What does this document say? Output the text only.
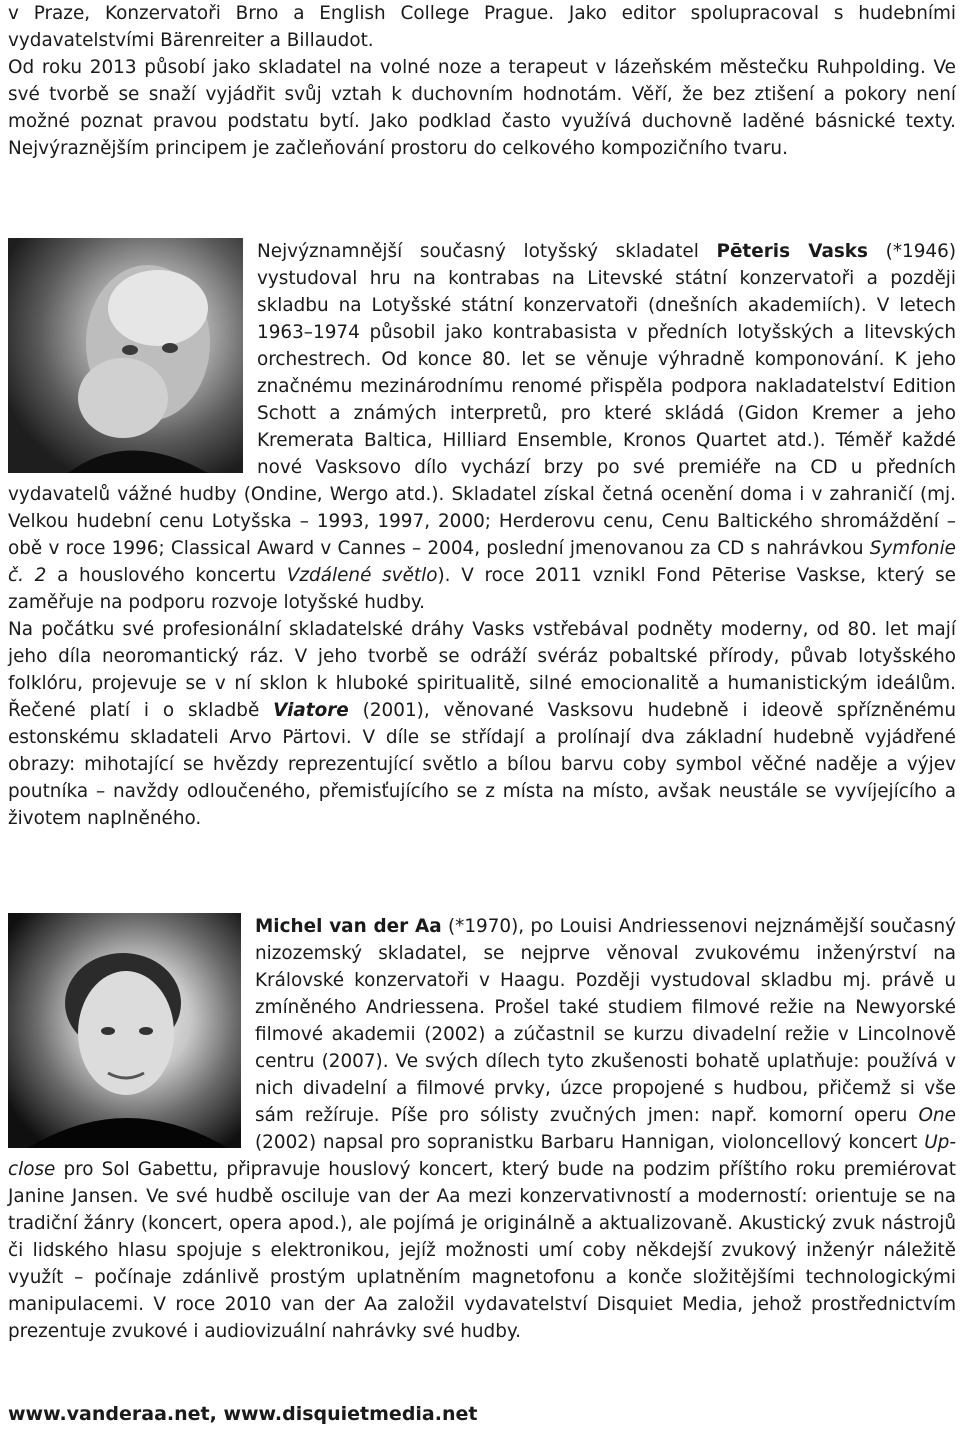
v Praze, Konzervatoři Brno a English College Prague. Jako editor spolupracoval s hudebními vydavatelstvími Bärenreiter a Billaudot.

Od roku 2013 působí jako skladatel na volné noze a terapeut v lázeňském městečku Ruhpolding. Ve své tvorbě se snaží vyjádřit svůj vztah k duchovním hodnotám. Věří, že bez ztišení a pokory není možné poznat pravou podstatu bytí. Jako podklad často využívá duchovně laděné básnické texty. Nejvýraznějším principem je začleňování prostoru do celkového kompozičního tvaru.

Nejvýznamnější současný lotyšský skladatel Pēteris Vasks (*1946) vystudoval hru na kontrabas na Litevské státní konzervatoři a později skladbu na Lotyšské státní konzervatoři (dnešních akademiích). V letech 1963–1974 působil jako kontrabasista v předních lotyšských a litevských orchestrech. Od konce 80. let se věnuje výhradně komponování. K jeho značnému mezinárodnímu renomé přispěla podpora nakladatelství Edition Schott a známých interpretů, pro které skládá (Gidon Kremer a jeho Kremerata Baltica, Hilliard Ensemble, Kronos Quartet atd.). Téměř každé nové Vasksovo dílo vychází brzy po své premiéře na CD u předních vydavatelů vážné hudby (Ondine, Wergo atd.). Skladatel získal četná ocenění doma i v zahraničí (mj. Velkou hudební cenu Lotyšska – 1993, 1997, 2000; Herderovu cenu, Cenu Baltického shromáždění – obě v roce 1996; Classical Award v Cannes – 2004, poslední jmenovanou za CD s nahrávkou Symfonie č. 2 a houslového koncertu Vzdálené světlo). V roce 2011 vznikl Fond Pēterise Vaskse, který se zaměřuje na podporu rozvoje lotyšské hudby.

Na počátku své profesionální skladatelské dráhy Vasks vstřebával podněty moderny, od 80. let mají jeho díla neoromantický ráz. V jeho tvorbě se odráží svéráz pobaltské přírody, půvab lotyšského folklóru, projevuje se v ní sklon k hluboké spiritualitě, silné emocionalitě a humanistickým ideálům. Řečené platí i o skladbě Viatore (2001), věnované Vasksovu hudebně i ideově spřízněnému estonskému skladateli Arvo Pärtovi. V díle se střídají a prolínají dva základní hudebně vyjádřené obrazy: mihotající se hvězdy reprezentující světlo a bílou barvu coby symbol věčné naděje a výjev poutníka – navždy odloučeného, přemisťujícího se z místa na místo, avšak neustále se vyvíjejícího a životem naplněného.

Michel van der Aa (*1970), po Louisi Andriessenovi nejznámější současný nizozemský skladatel, se nejprve věnoval zvukovému inženýrství na Královské konzervatoři v Haagu. Později vystudoval skladbu mj. právě u zmíněného Andriessena. Prošel také studiem filmové režie na Newyorské filmové akademii (2002) a zúčastnil se kurzu divadelní režie v Lincolnově centru (2007). Ve svých dílech tyto zkušenosti bohatě uplatňuje: používá v nich divadelní a filmové prvky, úzce propojené s hudbou, přičemž si vše sám režíruje. Píše pro sólisty zvučných jmen: např. komorní operu One (2002) napsal pro sopranistku Barbaru Hannigan, violoncellový koncert Up-close pro Sol Gabettu, připravuje houslový koncert, který bude na podzim příštího roku premiérovat Janine Jansen. Ve své hudbě osciluje van der Aa mezi konzervativností a moderností: orientuje se na tradiční žánry (koncert, opera apod.), ale pojímá je originálně a aktualizovaně. Akustický zvuk nástrojů či lidského hlasu spojuje s elektronikou, jejíž možnosti umí coby někdejší zvukový inženýr náležitě využít – počínaje zdánlivě prostým uplatněním magnetofonu a konče složitějšími technologickými manipulacemi. V roce 2010 van der Aa založil vydavatelství Disquiet Media, jehož prostřednictvím prezentuje zvukové i audiovizuální nahrávky své hudby.

www.vanderaa.net, www.disquietmedia.net
